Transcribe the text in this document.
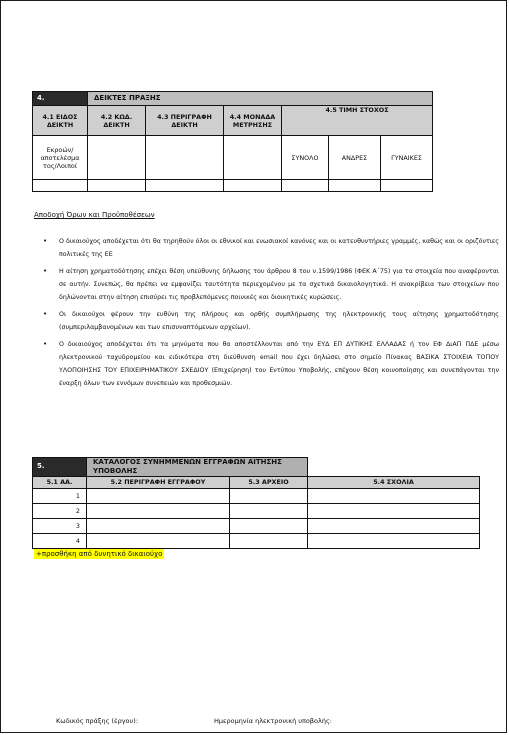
4.	ΔΕΙΚΤΕΣ ΠΡΑΞΗΣ					
4.1 ΕΙΔΟΣ ΔΕΙΚΤΗ	4.2 ΚΩΔ. ΔΕΙΚΤΗ	4.3 ΠΕΡΙΓΡΑΦΗ ΔΕΙΚΤΗ	4.4 ΜΟΝΑΔΑ ΜΕΤΡΗΣΗΣ	4.5 ΤΙΜΗ ΣΤΟΧΟΣ		
Εκροών/ αποτελέσμα τος/Λοιποί				ΣΥΝΟΛΟ	ΑΝΔΡΕΣ	ΓΥΝΑΙΚΕΣ

Αποδοχή Όρων και Προϋποθέσεων
• Ο δικαιούχος αποδέχεται ότι θα τηρηθούν όλοι οι εθνικοί και ενωσιακοί κανόνες και οι κατευθυντήριες γραμμές, καθώς και οι οριζόντιες πολιτικές της ΕΕ
• Η αίτηση χρηματοδότησης επέχει θέση υπεύθυνης δήλωσης του άρθρου 8 του ν.1599/1986 (ΦΕΚ Α΄75) για τα στοιχεία που αναφέρονται σε αυτήν. Συνεπώς, θα πρέπει να εμφανίζει ταυτότητα περιεχομένου με τα σχετικά δικαιολογητικά. Η ανακρίβεια των στοιχείων που δηλώνονται στην αίτηση επισύρει τις προβλεπόμενες ποινικές και διοικητικές κυρώσεις.
• Οι δικαιούχοι φέρουν την ευθύνη της πλήρους και ορθής συμπλήρωσης της ηλεκτρονικής τους αίτησης χρηματοδότησης (συμπεριλαμβανομένων και των επισυναπτόμενων αρχείων).
• Ο δικαιούχος αποδέχεται ότι τα μηνύματα που θα αποστέλλονται από την ΕΥΔ ΕΠ ΔΥΤΙΚΗΣ ΕΛΛΑΔΑΣ ή τον ΕΦ ΔιΑΠ ΠΔΕ μέσω ηλεκτρονικού ταχυδρομείου και ειδικότερα στη διεύθυνση email που έχει δηλώσει στο σημείο Πίνακας ΒΑΣΙΚΑ ΣΤΟΙΧΕΙΑ ΤΟΠΟΥ ΥΛΟΠΟΙΗΣΗΣ ΤΟΥ ΕΠΙΧΕΙΡΗΜΑΤΙΚΟΥ ΣΧΕΔΙΟΥ (Επιχείρηση) του Εντύπου Υποβολής, επέχουν θέση κοινοποίησης και συνεπάγονται την έναρξη όλων των εννόμων συνεπειών και προθεσμιών.
5.	ΚΑΤΑΛΟΓΟΣ ΣΥΝΗΜΜΕΝΩΝ ΕΓΓΡΑΦΩΝ ΑΙΤΗΣΗΣ ΥΠΟΒΟΛΗΣ		
5.1 ΑΑ.	5.2 ΠΕΡΙΓΡΑΦΗ ΕΓΓΡΑΦΟΥ	5.3 ΑΡΧΕΙΟ	5.4 ΣΧΟΛΙΑ
1			
2			
3			
4			
+προσθήκη από δυνητικό δικαιούχο
Κωδικός πράξης (έργου):	Ημερομηνία ηλεκτρονική υποβολής:
